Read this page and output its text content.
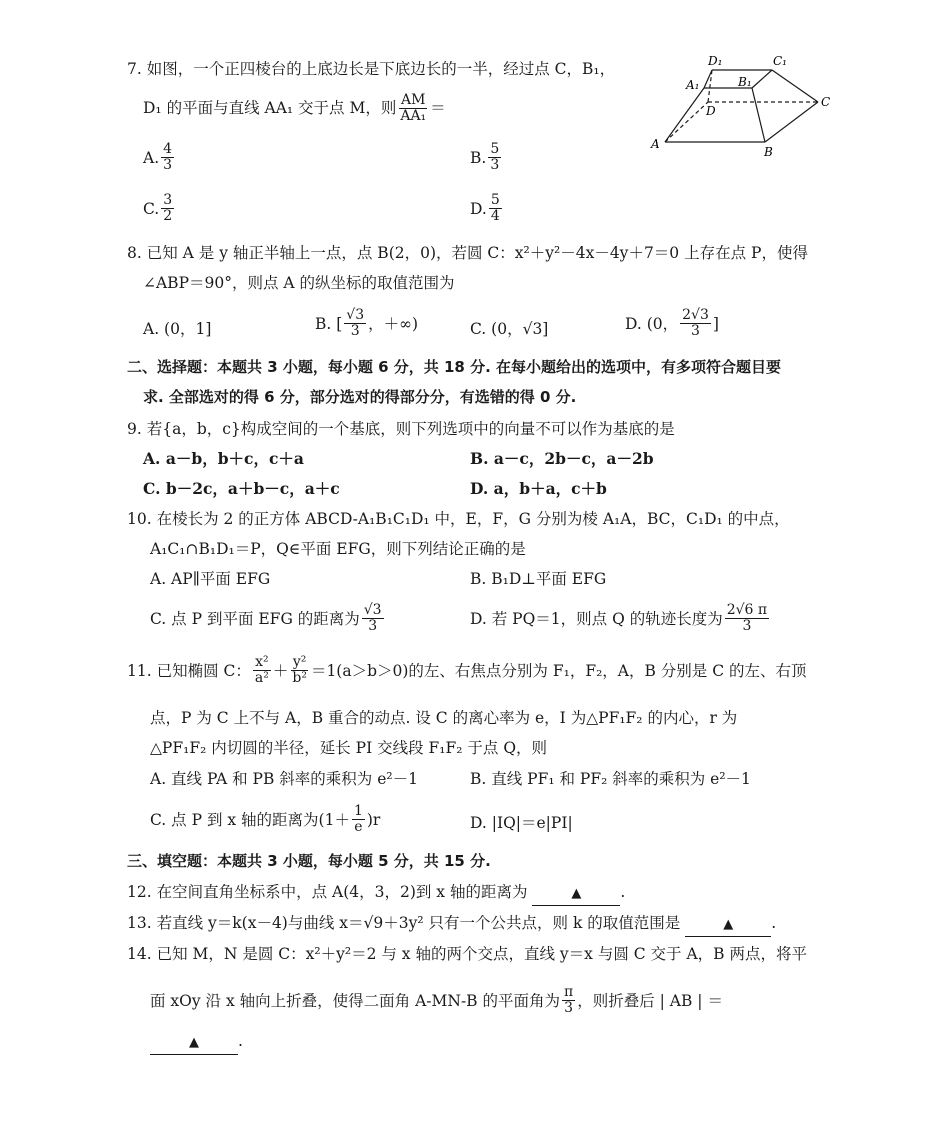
7. 如图，一个正四棱台的上底边长是下底边长的一半，经过点 C，B₁，
D₁ 的平面与直线 AA₁ 交于点 M，则 $\frac{AM}{\text{AA₁}}$ ＝
A. $\frac{4}{3}$	B. $\frac{5}{3}$
C. $\frac{3}{2}$	D. $\frac{5}{4}$
D₁	C₁
A₁	B₁
D
C
A
B
8. 已知 A 是 y 轴正半轴上一点，点 B(2，0)，若圆 C：x²＋y²－4x－4y＋7＝0 上存在点 P，使得
∠ABP＝90°，则点 A 的纵坐标的取值范围为
A. (0，1]	B. [ $\frac{√3}{3}$ ，＋∞)	C. (0，√3]	D. (0， $\frac{2√3}{3}$ ]
二、选择题：本题共 3 小题，每小题 6 分，共 18 分. 在每小题给出的选项中，有多项符合题目要
求. 全部选对的得 6 分，部分选对的得部分分，有选错的得 0 分.
9. 若{a，b，c}构成空间的一个基底，则下列选项中的向量不可以作为基底的是
A. a－b，b＋c，c＋a	B. a－c，2b－c，a－2b
C. b－2c，a＋b－c，a＋c	D. a，b＋a，c＋b
10. 在棱长为 2 的正方体 ABCD-A₁B₁C₁D₁ 中，E，F，G 分别为棱 A₁A，BC，C₁D₁ 的中点，
A₁C₁∩B₁D₁＝P，Q∈平面 EFG，则下列结论正确的是
A. AP∥平面 EFG	B. B₁D⊥平面 EFG
C. 点 P 到平面 EFG 的距离为 $\frac{√3}{3}$	D. 若 PQ＝1，则点 Q 的轨迹长度为 $\frac{2√6 \pi}{3}$
11. 已知椭圆 C： $\frac{\text{x²}}{\text{a²}} + \frac{\text{y²}}{\text{b²}} =1(a>b>0)$的左、右焦点分别为 F₁，F₂，A，B 分别是 C 的左、右顶
点，P 为 C 上不与 A，B 重合的动点. 设 C 的离心率为 e，I 为△PF₁F₂ 的内心，r 为
△PF₁F₂ 内切圆的半径，延长 PI 交线段 F₁F₂ 于点 Q，则
A. 直线 PA 和 PB 斜率的乘积为 e²－1	B. 直线 PF₁ 和 PF₂ 斜率的乘积为 e²－1
C. 点 P 到 x 轴的距离为$(1+ \frac{1}{e} )r$	D. |IQ|＝e|PI|
三、填空题：本题共 3 小题，每小题 5 分，共 15 分.
12. 在空间直角坐标系中，点 A(4，3，2)到 x 轴的距离为	▲	.
13. 若直线 y＝k(x－4)与曲线 x＝√9＋3y² 只有一个公共点，则 k 的取值范围是	▲ .
14. 已知 M，N 是圆 C：x²＋y²＝2 与 x 轴的两个交点，直线 y＝x 与圆 C 交于 A，B 两点，将平
面 xOy 沿 x 轴向上折叠，使得二面角 A-MN-B 的平面角为 $\frac{\pi}{3}$ ，则折叠后 | AB | ＝
▲	.
